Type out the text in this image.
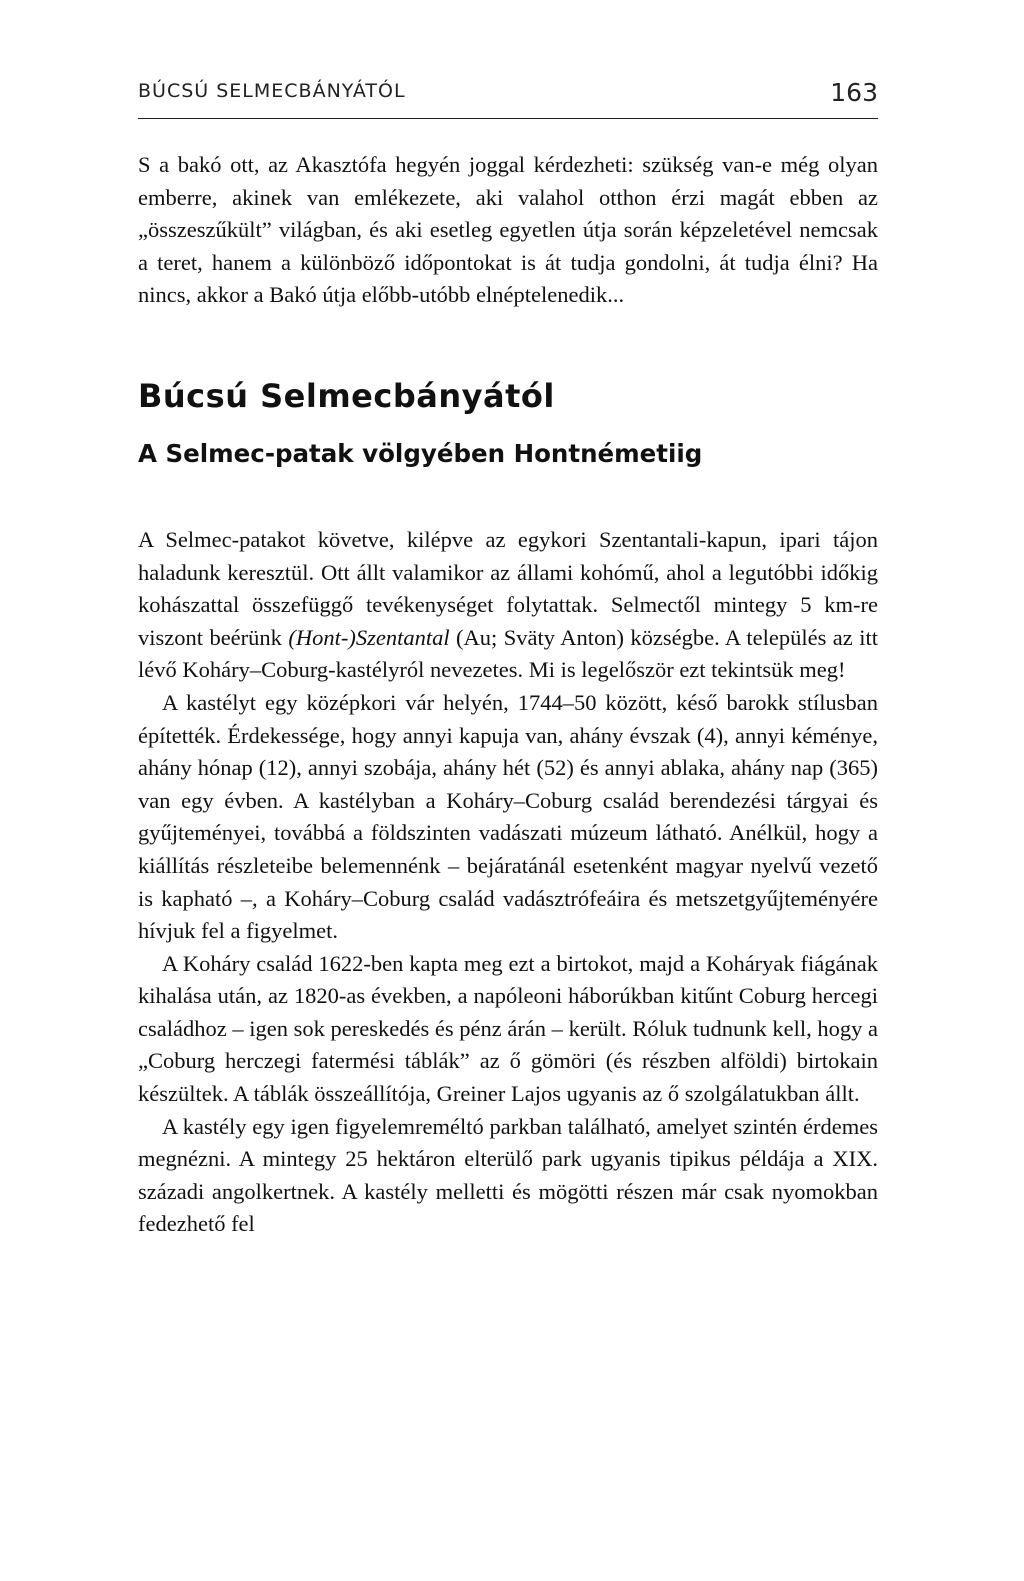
BÚCSÚ SELMECBÁNYÁTÓL	163

S a bakó ott, az Akasztófa hegyén joggal kérdezheti: szükség van-e még olyan emberre, akinek van emlékezete, aki valahol otthon érzi magát ebben az „összeszűkült” világban, és aki esetleg egyetlen útja során képzeletével nemcsak a teret, hanem a különböző időpontokat is át tudja gondolni, át tudja élni? Ha nincs, akkor a Bakó útja előbb-utóbb elnéptelenedik...

Búcsú Selmecbányától
A Selmec-patak völgyében Hontnémetiig

A Selmec-patakot követve, kilépve az egykori Szentantali-kapun, ipari tájon haladunk keresztül. Ott állt valamikor az állami kohómű, ahol a legutóbbi időkig kohászattal összefüggő tevékenységet folytattak. Selmectől mintegy 5 km-re viszont beérünk (Hont-)Szentantal (Au; Sväty Anton) községbe. A település az itt lévő Koháry–Coburg-kastélyról nevezetes. Mi is legelőször ezt tekintsük meg!

A kastélyt egy középkori vár helyén, 1744–50 között, késő barokk stílusban építették. Érdekessége, hogy annyi kapuja van, ahány évszak (4), annyi kéménye, ahány hónap (12), annyi szobája, ahány hét (52) és annyi ablaka, ahány nap (365) van egy évben. A kastélyban a Koháry–Coburg család berendezési tárgyai és gyűjteményei, továbbá a földszinten vadászati múzeum látható. Anélkül, hogy a kiállítás részleteibe belemennénk – bejáratánál esetenként magyar nyelvű vezető is kapható –, a Koháry–Coburg család vadásztrófeáira és metszetgyűjteményére hívjuk fel a figyelmet.

A Koháry család 1622-ben kapta meg ezt a birtokot, majd a Koháryak fiágának kihalása után, az 1820-as években, a napóleoni háborúkban kitűnt Coburg hercegi családhoz – igen sok pereskedés és pénz árán – került. Róluk tudnunk kell, hogy a „Coburg herczegi fatermési táblák” az ő gömöri (és részben alföldi) birtokain készültek. A táblák összeállítója, Greiner Lajos ugyanis az ő szolgálatukban állt.

A kastély egy igen figyelemreméltó parkban található, amelyet szintén érdemes megnézni. A mintegy 25 hektáron elterülő park ugyanis tipikus példája a XIX. századi angolkertnek. A kastély melletti és mögötti részen már csak nyomokban fedezhető fel
